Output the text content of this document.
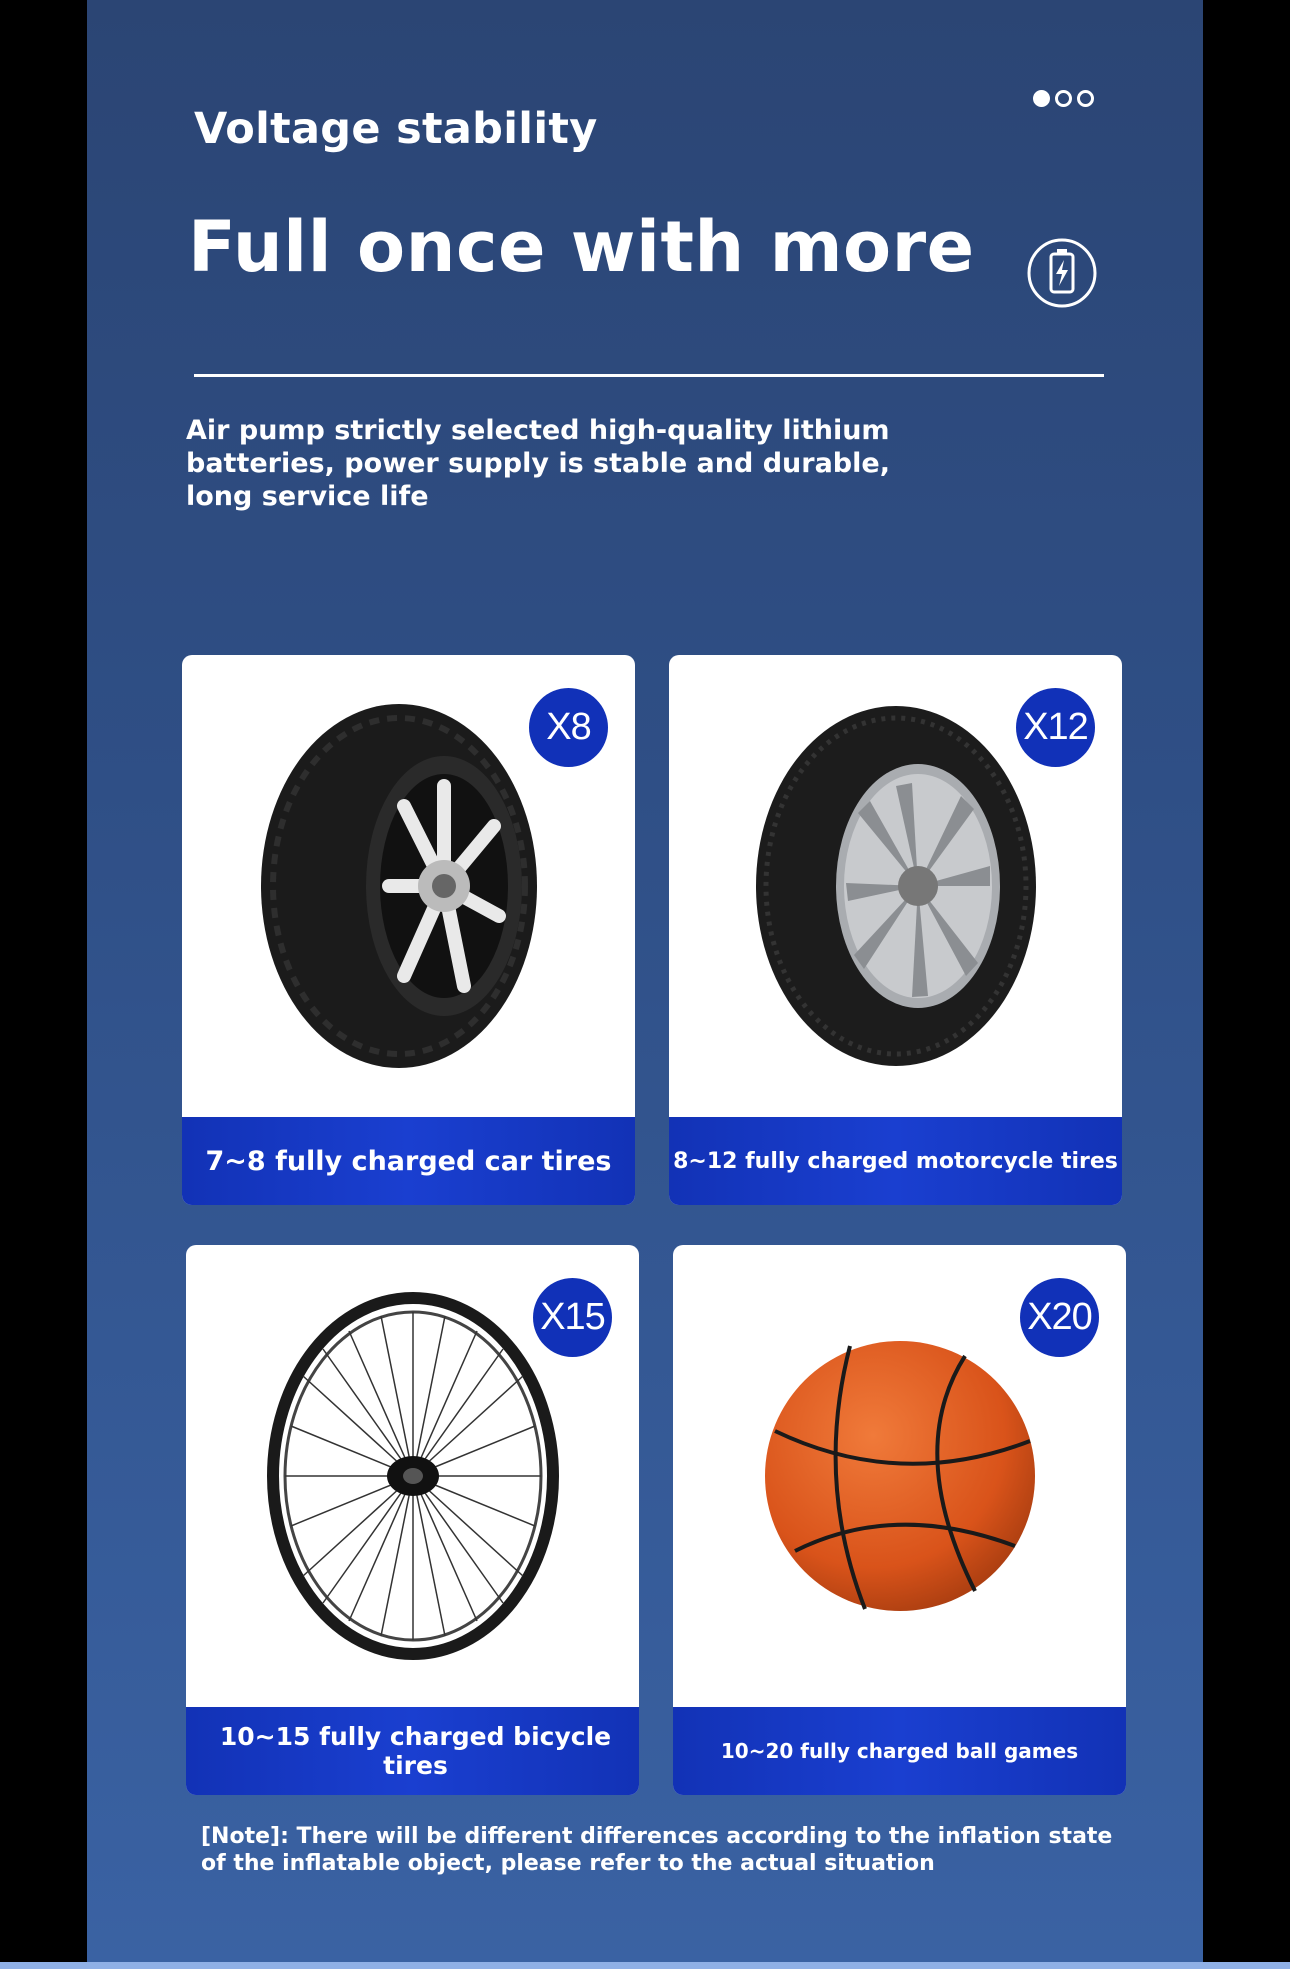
Voltage stability
Full once with more
Air pump strictly selected high-quality lithium batteries, power supply is stable and durable, long service life
X8
7~8 fully charged car tires
X12
8~12 fully charged motorcycle tires
X15
10~15 fully charged bicycle tires
X20
10~20 fully charged ball games
[Note]: There will be different differences according to the inflation state of the inflatable object, please refer to the actual situation
